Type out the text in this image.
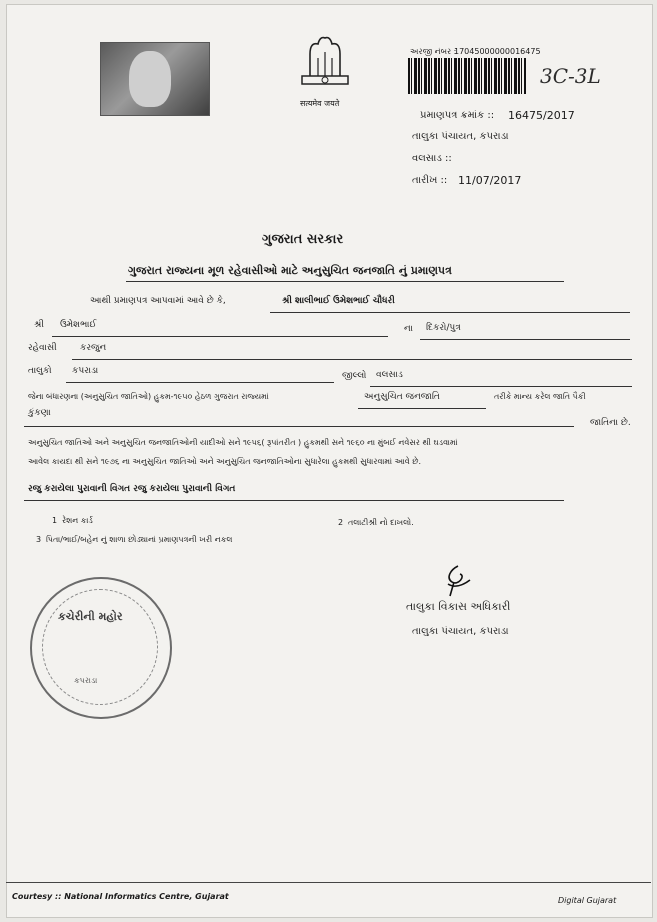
सत्यमेव जयते
અરજી નંબર :
17045000000016475
3C-3L
પ્રમાણપત્ર ક્રમાંક :: 16475/2017
તાલુકા પંચાયત, કપરાડા
વલસાડ ::
તારીખ :: 11/07/2017
ગુજરાત સરકાર
ગુજરાત રાજ્યના મૂળ રહેવાસીઓ માટે અનુસુચિત જનજાતિ નું પ્રમાણપત્ર
આથી પ્રમાણપત્ર આપવામાં આવે છે કે,	શ્રી શાલીભાઈ ઉમેશભાઈ ચૌધરી
શ્રી ઉમેશભાઈ	ના દિકરો/પુત્ર
રહેવાસી	કરજુન
તાલુકો કપરાડા	જીલ્લો વલસાડ
જેના બંધારણના (અનુસુચિત જાતિઓ) હુકમ-૧૯૫૦ હેઠળ ગુજરાત રાજ્યમાં	અનુસુચિત જનજાતિ	તરીકે માન્ય કરેલ જાતિ પૈકી
કુંકણા
જાતિના છે.
અનુસુચિત જાતિઓ અને અનુસુચિત જનજાતિઓની યાદીઓ સને ૧૯૫૬( રૂપાંતરીત ) હુકમથી સને ૧૯૬૦ ના મુંબઈ નવેસર થી ઘડવામાં
આવેલ કાયદા થી સને ૧૯૭૬ ના અનુસુચિત જાતિઓ અને અનુસુચિત જનજાતિઓના સુધારેલા હુકમથી સુધારવામાં આવે છે.
રજુ કરાયેલા પુરાવાની વિગત રજુ કરાયેલા પુરાવાની વિગત
1 રેશન કાર્ડ	2 તલાટીશ્રી નો દાખલો.
3 પિતા/ભાઈ/બહેન નું શાળા છોડ્યાનાં પ્રમાણપત્રની ખરી નકલ
કચેરીની મહોર
કપરાડા
તાલુકા વિકાસ અધિકારી
તાલુકા પંચાયત, કપરાડા
Courtesy :: National Informatics Centre, Gujarat	Digital Gujarat
